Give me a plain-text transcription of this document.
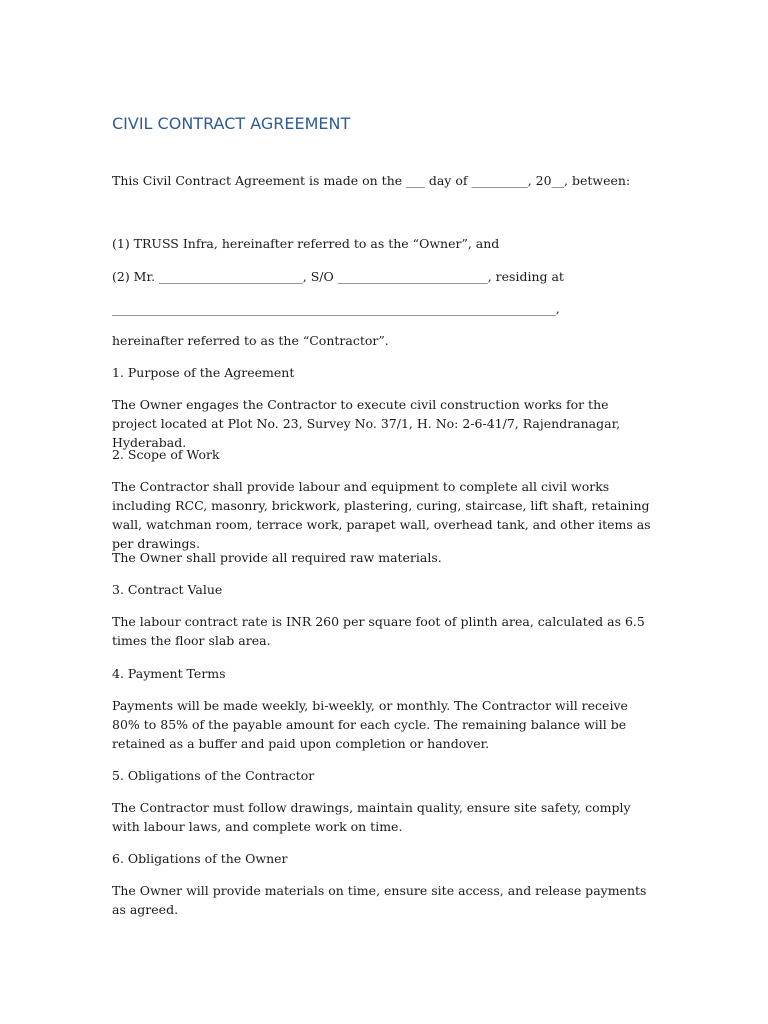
CIVIL CONTRACT AGREEMENT

This Civil Contract Agreement is made on the ___ day of _________, 20__, between:

(1) TRUSS Infra, hereinafter referred to as the “Owner”, and

(2) Mr. _______________________, S/O ________________________, residing at

_______________________________________________________________________,

hereinafter referred to as the “Contractor”.

1. Purpose of the Agreement

The Owner engages the Contractor to execute civil construction works for the project located at Plot No. 23, Survey No. 37/1, H. No: 2-6-41/7, Rajendranagar, Hyderabad.

2. Scope of Work

The Contractor shall provide labour and equipment to complete all civil works including RCC, masonry, brickwork, plastering, curing, staircase, lift shaft, retaining wall, watchman room, terrace work, parapet wall, overhead tank, and other items as per drawings.

The Owner shall provide all required raw materials.

3. Contract Value

The labour contract rate is INR 260 per square foot of plinth area, calculated as 6.5 times the floor slab area.

4. Payment Terms

Payments will be made weekly, bi-weekly, or monthly. The Contractor will receive 80% to 85% of the payable amount for each cycle. The remaining balance will be retained as a buffer and paid upon completion or handover.

5. Obligations of the Contractor

The Contractor must follow drawings, maintain quality, ensure site safety, comply with labour laws, and complete work on time.

6. Obligations of the Owner

The Owner will provide materials on time, ensure site access, and release payments as agreed.
